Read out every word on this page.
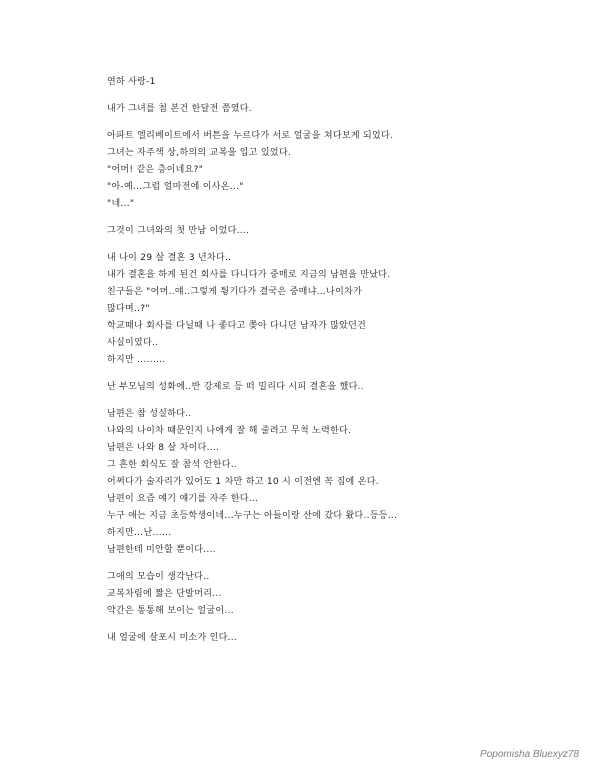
연하 사랑-1
내가 그녀를 첨 본건 한달전 쯤였다.
아파트 엘리베이트에서 버튼을 누르다가 서로 얼굴을 쳐다보게 되었다.
그녀는 자주색 상,하의의 교복을 입고 있었다.
"어머! 같은 층이네요?"
"아-예...그럼 얼마전에 이사온..."
"네..."
그것이 그녀와의 첫 만남 이었다....
내 나이 29 살 결혼 3 년차다..
내가 결혼을 하게 된건 회사를 다니다가 중매로 지금의 남편을 만났다.
친구들은 "어머..얘..그렇게 튕기다가 결국은 중매냐...나이차가
많다며..?"
학교때나 회사를 다닐때 나 좋다고 쫒아 다니던 남자가 많았던건
사실이였다..
하지만 .........
난 부모님의 성화에..반 강제로 등 떠 밀리다 시피 결혼을 했다..
남편은 참 성실하다..
나와의 나이차 때문인지 나에게 잘 해 줄려고 무척 노력한다.
남편은 나와 8 살 차이다....
그 흔한 회식도 잘 참석 안한다..
어쩌다가 술자리가 있어도 1 차만 하고 10 시 이전엔 꼭 집에 온다.
남편이 요즘 얘기 얘기를 자주 한다...
누구 애는 지금 초등학생이네...누구는 아들이랑 산에 갔다 왔다..등등...
하지만...난......
남편한테 미안할 뿐이다....
그애의 모습이 생각난다..
교복차림에 짧은 단발머리...
약간은 통통해 보이는 얼굴이...
내 얼굴에 살포시 미소가 인다...
Popomisha Bluexyz78
